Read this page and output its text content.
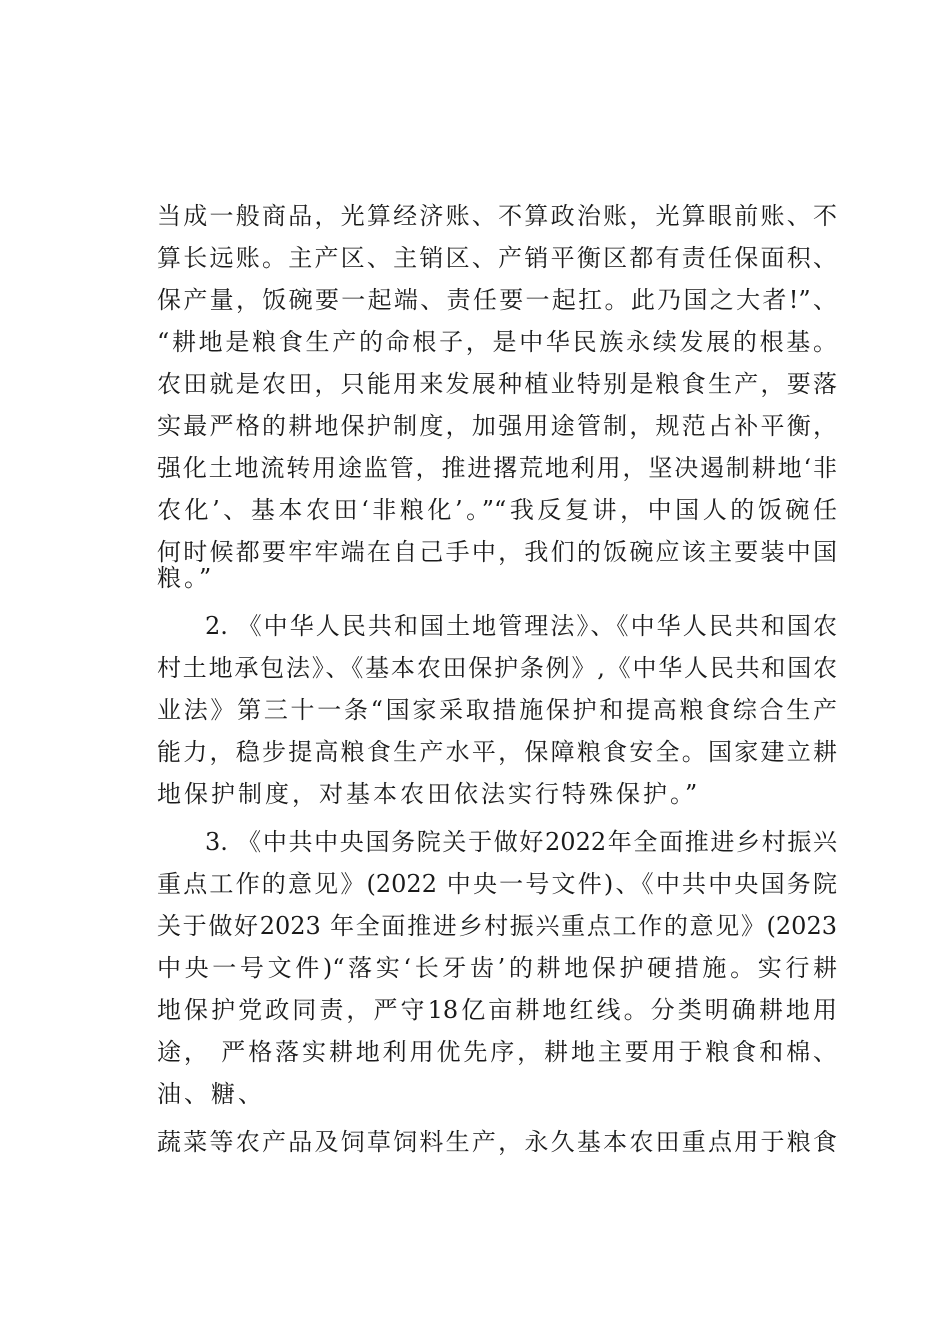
当成一般商品，光算经济账、不算政治账，光算眼前账、不
算长远账。主产区、主销区、产销平衡区都有责任保面积、
保产量，饭碗要一起端、责任要一起扛。此乃国之大者!”、
“耕地是粮食生产的命根子，是中华民族永续发展的根基。
农田就是农田，只能用来发展种植业特别是粮食生产，要落
实最严格的耕地保护制度，加强用途管制，规范占补平衡，
强化土地流转用途监管，推进撂荒地利用，坚决遏制耕地‘非
农化’、基本农田‘非粮化’。”“我反复讲，中国人的饭碗任
何时候都要牢牢端在自己手中，我们的饭碗应该主要装中国
粮。”
2. 《中华人民共和国土地管理法》、《中华人民共和国农
村土地承包法》、《基本农田保护条例》,《中华人民共和国农
业法》第三十一条“国家采取措施保护和提高粮食综合生产
能力，稳步提高粮食生产水平，保障粮食安全。国家建立耕
地保护制度，对基本农田依法实行特殊保护。”
3. 《中共中央国务院关于做好2022年全面推进乡村振兴
重点工作的意见》(2022 中央一号文件)、《中共中央国务院
关于做好2023 年全面推进乡村振兴重点工作的意见》(2023
中央一号文件)“落实‘长牙齿’的耕地保护硬措施。实行耕
地保护党政同责，严守18亿亩耕地红线。分类明确耕地用
途， 严格落实耕地利用优先序，耕地主要用于粮食和棉、
油、糖、
蔬菜等农产品及饲草饲料生产，永久基本农田重点用于粮食
